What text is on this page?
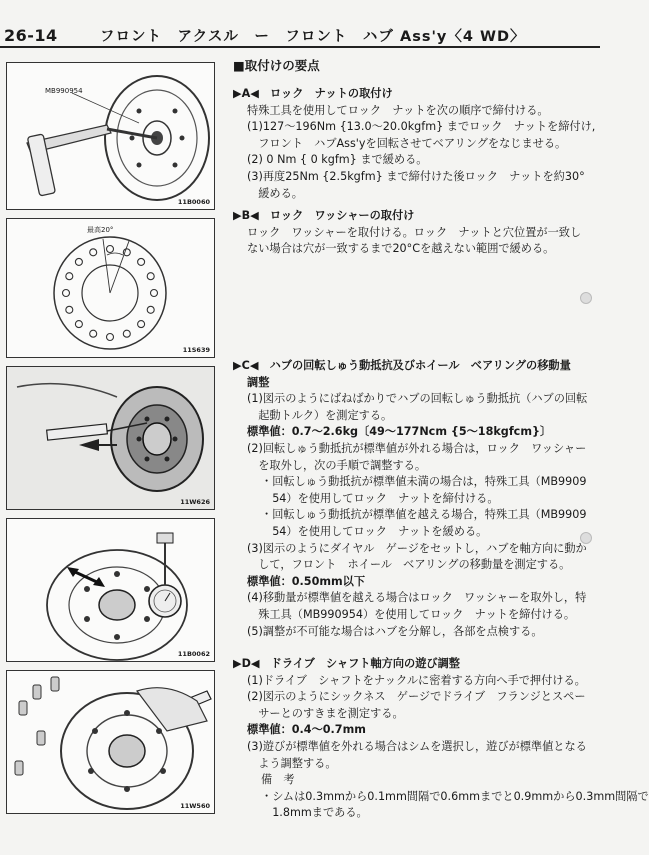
26-14	フロント　アクスル　ー　フロント　ハブ Ass'y〈4 WD〉
MB990954
11B0060
最高20°
11S639
11W626
11B0062
11W560
■取付けの要点

▶A◀　ロック　ナットの取付け

特殊工具を使用してロック　ナットを次の順序で締付ける。

(1)127～196Nm {13.0～20.0kgfm} までロック　ナットを締付け,

　フロント　ハブAss'yを回転させてベアリングをなじませる。

(2) 0 Nm { 0 kgfm} まで緩める。

(3)再度25Nm {2.5kgfm} まで締付けた後ロック　ナットを約30°

　緩める。

▶B◀　ロック　ワッシャーの取付け

ロック　ワッシャーを取付ける。ロック　ナットと穴位置が一致し

ない場合は穴が一致するまで20°Cを越えない範囲で緩める。

▶C◀　ハブの回転しゅう動抵抗及びホイール　ベアリングの移動量

調整

(1)図示のようにばねばかりでハブの回転しゅう動抵抗（ハブの回転

　起動トルク）を測定する。

標準値：0.7～2.6kg〔49～177Ncm {5～18kgfcm}〕

(2)回転しゅう動抵抗が標準値が外れる場合は，ロック　ワッシャー

　を取外し，次の手順で調整する。

・回転しゅう動抵抗が標準値未満の場合は，特殊工具（MB9909

　54）を使用してロック　ナットを締付ける。

・回転しゅう動抵抗が標準値を越える場合，特殊工具（MB9909

　54）を使用してロック　ナットを緩める。

(3)図示のようにダイヤル　ゲージをセットし，ハブを軸方向に動か

　して，フロント　ホイール　ベアリングの移動量を測定する。

標準値：0.50mm以下

(4)移動量が標準値を越える場合はロック　ワッシャーを取外し，特

　殊工具（MB990954）を使用してロック　ナットを締付ける。

(5)調整が不可能な場合はハブを分解し，各部を点検する。

▶D◀　ドライブ　シャフト軸方向の遊び調整

(1)ドライブ　シャフトをナックルに密着する方向へ手で押付ける。

(2)図示のようにシックネス　ゲージでドライブ　フランジとスペー

　サーとのすきまを測定する。

標準値：0.4～0.7mm

(3)遊びが標準値を外れる場合はシムを選択し，遊びが標準値となる

　よう調整する。

備　考

・シムは0.3mmから0.1mm間隔で0.6mmまでと0.9mmから0.3mm間隔で

　1.8mmまである。
